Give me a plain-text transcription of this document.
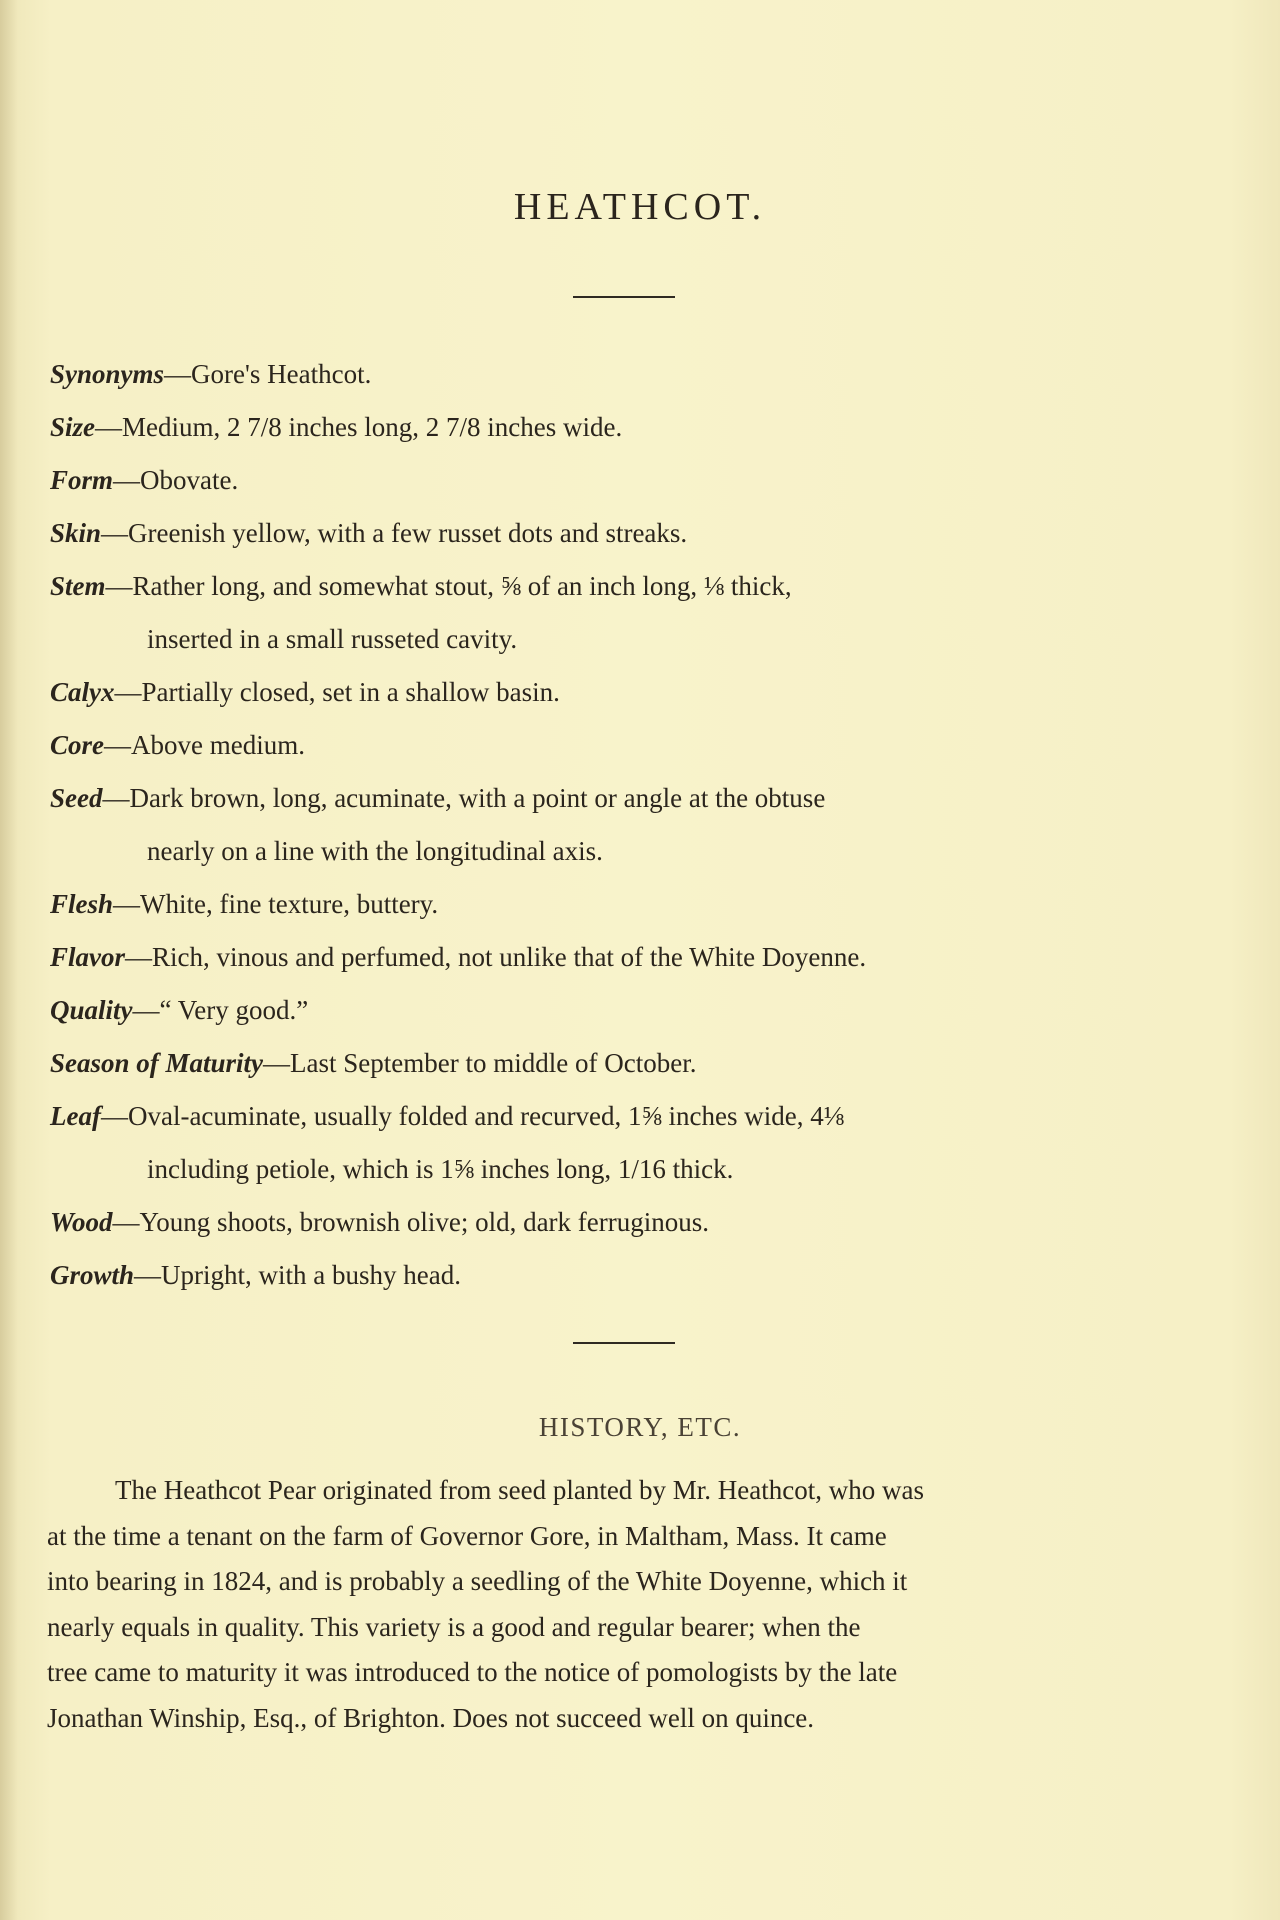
HEATHCOT.

Synonyms—Gore's Heathcot.

Size—Medium, 2 7/8 inches long, 2 7/8 inches wide.

Form—Obovate.

Skin—Greenish yellow, with a few russet dots and streaks.

Stem—Rather long, and somewhat stout, ⅝ of an inch long, ⅛ thick,

inserted in a small russeted cavity.

Calyx—Partially closed, set in a shallow basin.

Core—Above medium.

Seed—Dark brown, long, acuminate, with a point or angle at the obtuse

nearly on a line with the longitudinal axis.

Flesh—White, fine texture, buttery.

Flavor—Rich, vinous and perfumed, not unlike that of the White Doyenne.

Quality—“ Very good.”

Season of Maturity—Last September to middle of October.

Leaf—Oval-acuminate, usually folded and recurved, 1⅝ inches wide, 4⅛

including petiole, which is 1⅝ inches long, 1/16 thick.

Wood—Young shoots, brownish olive; old, dark ferruginous.

Growth—Upright, with a bushy head.

HISTORY, ETC.
The Heathcot Pear originated from seed planted by Mr. Heathcot, who was
at the time a tenant on the farm of Governor Gore, in Maltham, Mass. It came
into bearing in 1824, and is probably a seedling of the White Doyenne, which it
nearly equals in quality. This variety is a good and regular bearer; when the
tree came to maturity it was introduced to the notice of pomologists by the late
Jonathan Winship, Esq., of Brighton. Does not succeed well on quince.
